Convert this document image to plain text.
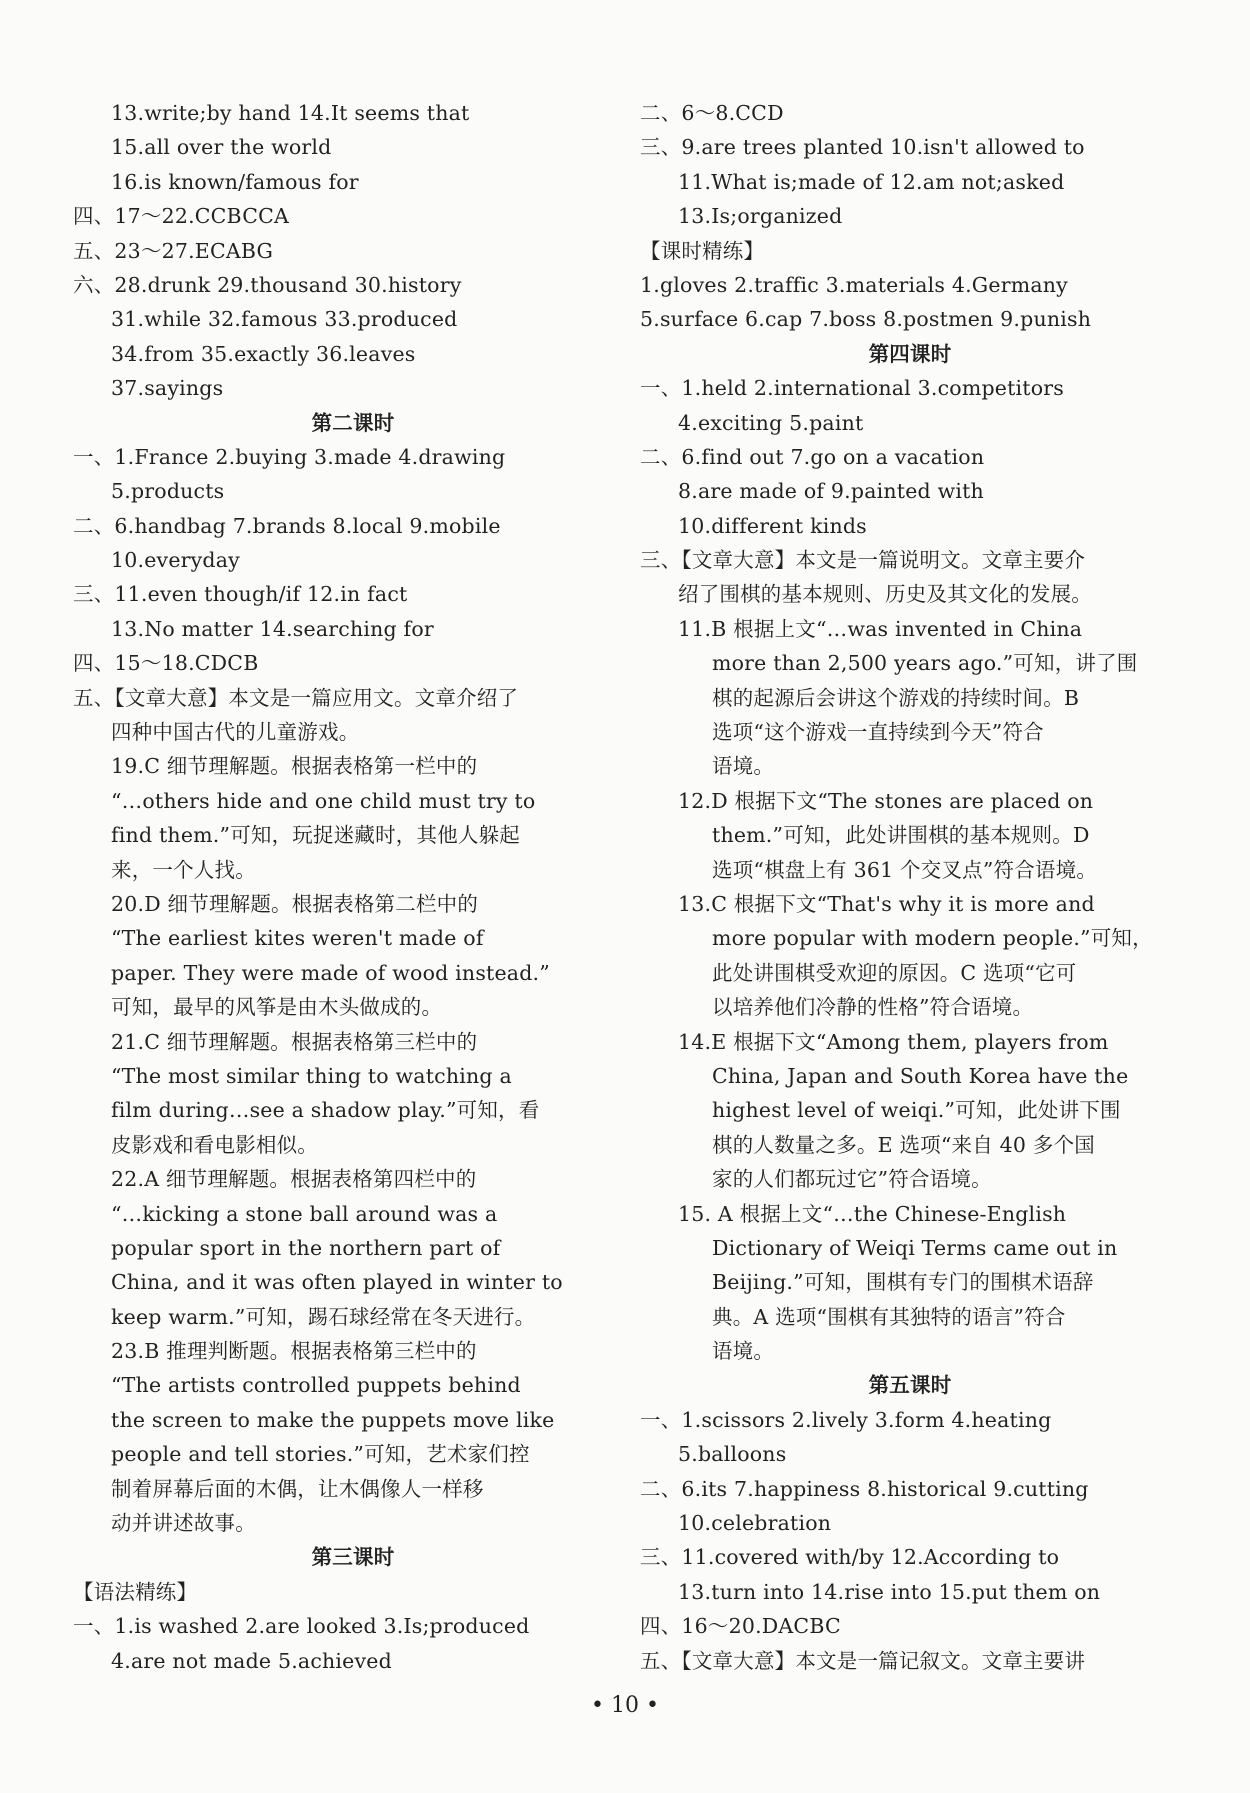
13.write;by hand 14.It seems that
15.all over the world
16.is known/famous for
四、17～22.CCBCCA
五、23～27.ECABG
六、28.drunk 29.thousand 30.history
31.while 32.famous 33.produced
34.from 35.exactly 36.leaves
37.sayings
第二课时
一、1.France 2.buying 3.made 4.drawing
5.products
二、6.handbag 7.brands 8.local 9.mobile
10.everyday
三、11.even though/if 12.in fact
13.No matter 14.searching for
四、15～18.CDCB
五、【文章大意】本文是一篇应用文。文章介绍了
四种中国古代的儿童游戏。
19.C 细节理解题。根据表格第一栏中的
“…others hide and one child must try to
find them.”可知，玩捉迷藏时，其他人躲起
来，一个人找。
20.D 细节理解题。根据表格第二栏中的
“The earliest kites weren't made of
paper. They were made of wood instead.”
可知，最早的风筝是由木头做成的。
21.C 细节理解题。根据表格第三栏中的
“The most similar thing to watching a
film during…see a shadow play.”可知，看
皮影戏和看电影相似。
22.A 细节理解题。根据表格第四栏中的
“…kicking a stone ball around was a
popular sport in the northern part of
China, and it was often played in winter to
keep warm.”可知，踢石球经常在冬天进行。
23.B 推理判断题。根据表格第三栏中的
“The artists controlled puppets behind
the screen to make the puppets move like
people and tell stories.”可知，艺术家们控
制着屏幕后面的木偶，让木偶像人一样移
动并讲述故事。
第三课时
【语法精练】
一、1.is washed 2.are looked 3.Is;produced
4.are not made 5.achieved
二、6～8.CCD
三、9.are trees planted 10.isn't allowed to
11.What is;made of 12.am not;asked
13.Is;organized
【课时精练】
1.gloves 2.traffic 3.materials 4.Germany
5.surface 6.cap 7.boss 8.postmen 9.punish
第四课时
一、1.held 2.international 3.competitors
4.exciting 5.paint
二、6.find out 7.go on a vacation
8.are made of 9.painted with
10.different kinds
三、【文章大意】本文是一篇说明文。文章主要介
绍了围棋的基本规则、历史及其文化的发展。
11.B 根据上文“…was invented in China
more than 2,500 years ago.”可知，讲了围
棋的起源后会讲这个游戏的持续时间。B
选项“这个游戏一直持续到今天”符合
语境。
12.D 根据下文“The stones are placed on
them.”可知，此处讲围棋的基本规则。D
选项“棋盘上有 361 个交叉点”符合语境。
13.C 根据下文“That's why it is more and
more popular with modern people.”可知，
此处讲围棋受欢迎的原因。C 选项“它可
以培养他们冷静的性格”符合语境。
14.E 根据下文“Among them, players from
China, Japan and South Korea have the
highest level of weiqi.”可知，此处讲下围
棋的人数量之多。E 选项“来自 40 多个国
家的人们都玩过它”符合语境。
15. A 根据上文“…the Chinese-English
Dictionary of Weiqi Terms came out in
Beijing.”可知，围棋有专门的围棋术语辞
典。A 选项“围棋有其独特的语言”符合
语境。
第五课时
一、1.scissors 2.lively 3.form 4.heating
5.balloons
二、6.its 7.happiness 8.historical 9.cutting
10.celebration
三、11.covered with/by 12.According to
13.turn into 14.rise into 15.put them on
四、16～20.DACBC
五、【文章大意】本文是一篇记叙文。文章主要讲
• 10 •
